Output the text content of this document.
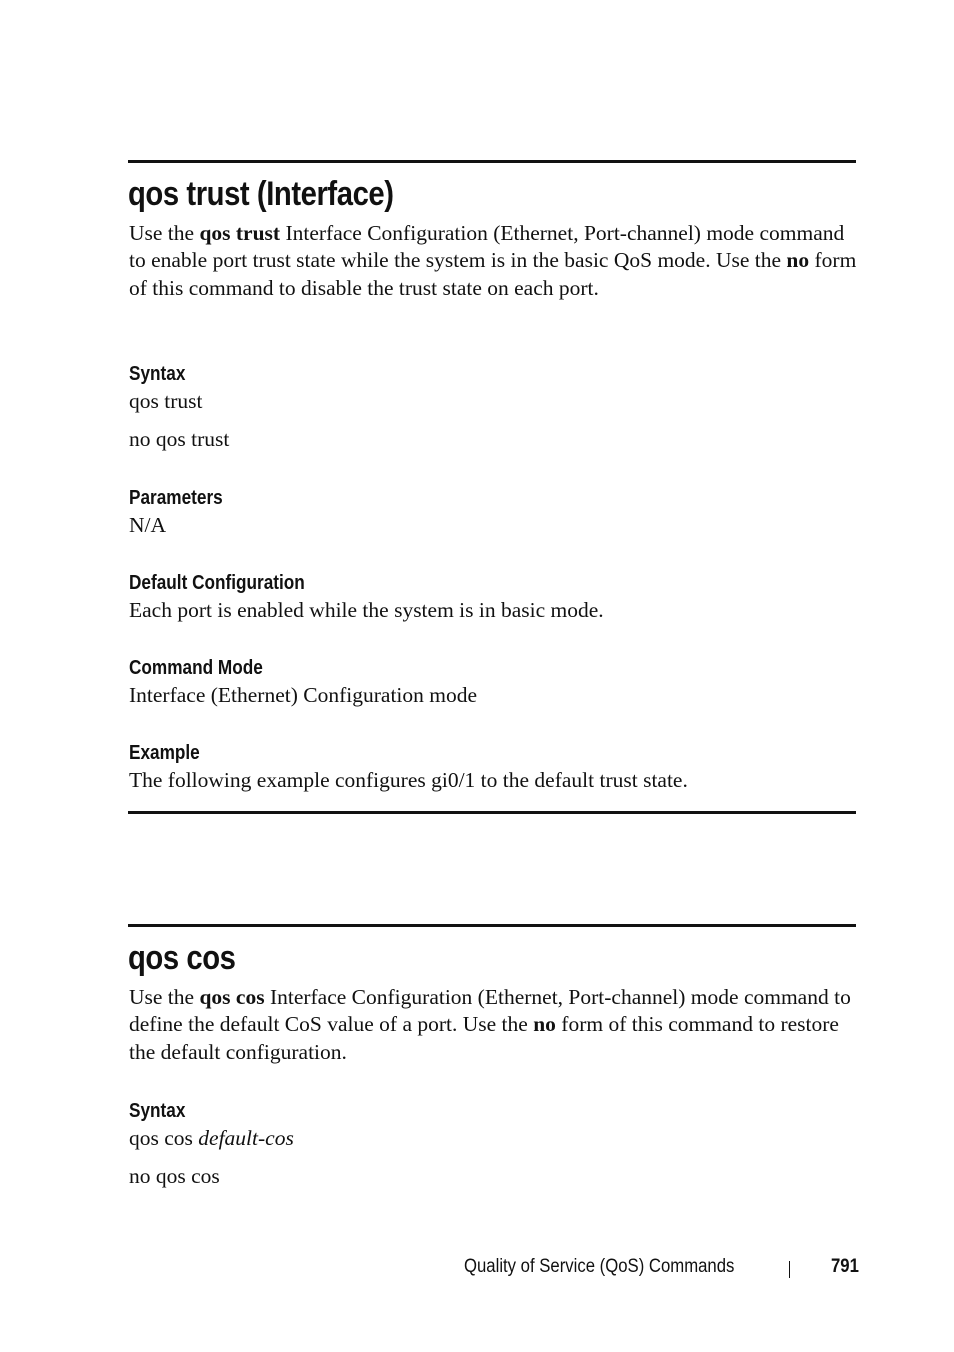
qos trust (Interface)

Use the qos trust Interface Configuration (Ethernet, Port-channel) mode command to enable port trust state while the system is in the basic QoS mode. Use the no form of this command to disable the trust state on each port.

Syntax
qos trust
no qos trust
Parameters
N/A
Default Configuration
Each port is enabled while the system is in basic mode.
Command Mode
Interface (Ethernet) Configuration mode
Example
The following example configures gi0/1 to the default trust state.
qos cos

Use the qos cos Interface Configuration (Ethernet, Port-channel) mode command to define the default CoS value of a port. Use the no form of this command to restore the default configuration.

Syntax
qos cos default-cos
no qos cos
Quality of Service (QoS) Commands	791
